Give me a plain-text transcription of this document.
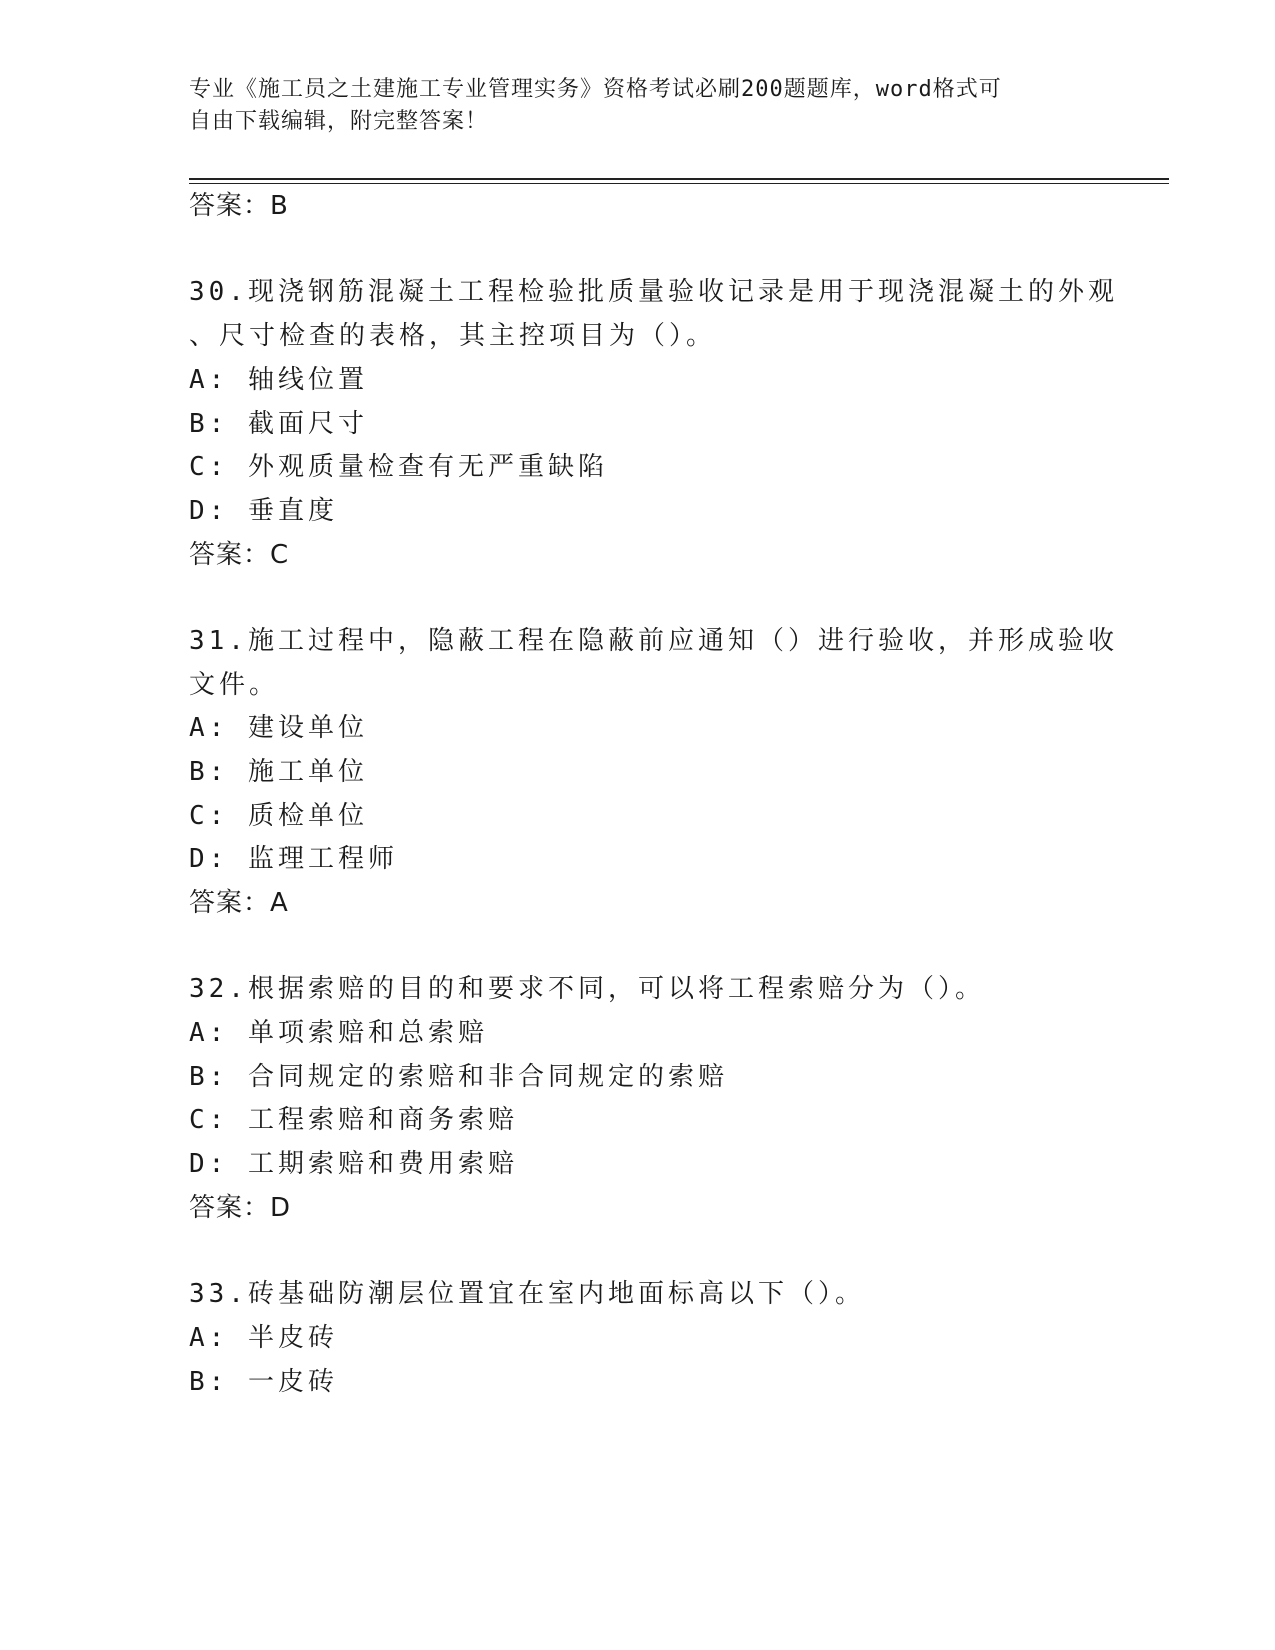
专业《施工员之土建施工专业管理实务》资格考试必刷200题题库，word格式可
自由下载编辑，附完整答案！
答案：B
30.现浇钢筋混凝土工程检验批质量验收记录是用于现浇混凝土的外观
、尺寸检查的表格，其主控项目为（）。
A: 轴线位置
B: 截面尺寸
C: 外观质量检查有无严重缺陷
D: 垂直度
答案：C
31.施工过程中，隐蔽工程在隐蔽前应通知（）进行验收，并形成验收
文件。
A: 建设单位
B: 施工单位
C: 质检单位
D: 监理工程师
答案：A
32.根据索赔的目的和要求不同，可以将工程索赔分为（）。
A: 单项索赔和总索赔
B: 合同规定的索赔和非合同规定的索赔
C: 工程索赔和商务索赔
D: 工期索赔和费用索赔
答案：D
33.砖基础防潮层位置宜在室内地面标高以下（）。
A: 半皮砖
B: 一皮砖
